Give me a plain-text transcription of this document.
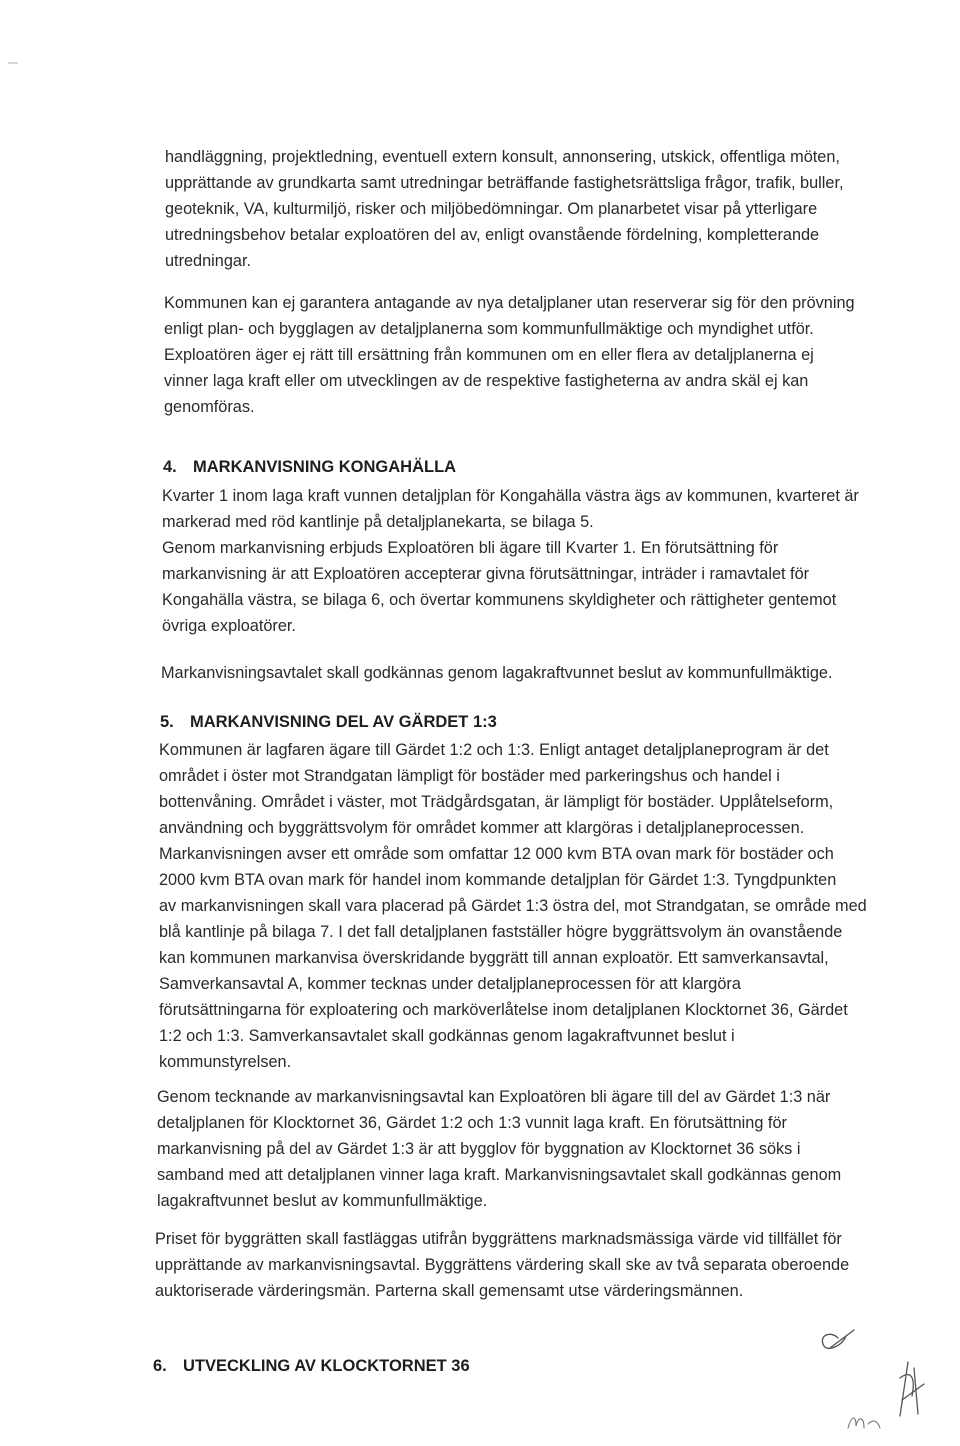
handläggning, projektledning, eventuell extern konsult, annonsering, utskick, offentliga möten,
upprättande av grundkarta samt utredningar beträffande fastighetsrättsliga frågor, trafik, buller,
geoteknik, VA, kulturmiljö, risker och miljöbedömningar. Om planarbetet visar på ytterligare
utredningsbehov betalar exploatören del av, enligt ovanstående fördelning, kompletterande
utredningar.
Kommunen kan ej garantera antagande av nya detaljplaner utan reserverar sig för den prövning
enligt plan- och bygglagen av detaljplanerna som kommunfullmäktige och myndighet utför.
Exploatören äger ej rätt till ersättning från kommunen om en eller flera av detaljplanerna ej
vinner laga kraft eller om utvecklingen av de respektive fastigheterna av andra skäl ej kan
genomföras.
4. MARKANVISNING KONGAHÄLLA
Kvarter 1 inom laga kraft vunnen detaljplan för Kongahälla västra ägs av kommunen, kvarteret är
markerad med röd kantlinje på detaljplanekarta, se bilaga 5.
Genom markanvisning erbjuds Exploatören bli ägare till Kvarter 1. En förutsättning för
markanvisning är att Exploatören accepterar givna förutsättningar, inträder i ramavtalet för
Kongahälla västra, se bilaga 6, och övertar kommunens skyldigheter och rättigheter gentemot
övriga exploatörer.
Markanvisningsavtalet skall godkännas genom lagakraftvunnet beslut av kommunfullmäktige.
5. MARKANVISNING DEL AV GÄRDET 1:3
Kommunen är lagfaren ägare till Gärdet 1:2 och 1:3. Enligt antaget detaljplaneprogram är det
området i öster mot Strandgatan lämpligt för bostäder med parkeringshus och handel i
bottenvåning. Området i väster, mot Trädgårdsgatan, är lämpligt för bostäder. Upplåtelseform,
användning och byggrättsvolym för området kommer att klargöras i detaljplaneprocessen.
Markanvisningen avser ett område som omfattar 12 000 kvm BTA ovan mark för bostäder och
2000 kvm BTA ovan mark för handel inom kommande detaljplan för Gärdet 1:3. Tyngdpunkten
av markanvisningen skall vara placerad på Gärdet 1:3 östra del, mot Strandgatan, se område med
blå kantlinje på bilaga 7. I det fall detaljplanen fastställer högre byggrättsvolym än ovanstående
kan kommunen markanvisa överskridande byggrätt till annan exploatör. Ett samverkansavtal,
Samverkansavtal A, kommer tecknas under detaljplaneprocessen för att klargöra
förutsättningarna för exploatering och marköverlåtelse inom detaljplanen Klocktornet 36, Gärdet
1:2 och 1:3. Samverkansavtalet skall godkännas genom lagakraftvunnet beslut i
kommunstyrelsen.
Genom tecknande av markanvisningsavtal kan Exploatören bli ägare till del av Gärdet 1:3 när
detaljplanen för Klocktornet 36, Gärdet 1:2 och 1:3 vunnit laga kraft. En förutsättning för
markanvisning på del av Gärdet 1:3 är att bygglov för byggnation av Klocktornet 36 söks i
samband med att detaljplanen vinner laga kraft. Markanvisningsavtalet skall godkännas genom
lagakraftvunnet beslut av kommunfullmäktige.
Priset för byggrätten skall fastläggas utifrån byggrättens marknadsmässiga värde vid tillfället för
upprättande av markanvisningsavtal. Byggrättens värdering skall ske av två separata oberoende
auktoriserade värderingsmän. Parterna skall gemensamt utse värderingsmännen.
6. UTVECKLING AV KLOCKTORNET 36
